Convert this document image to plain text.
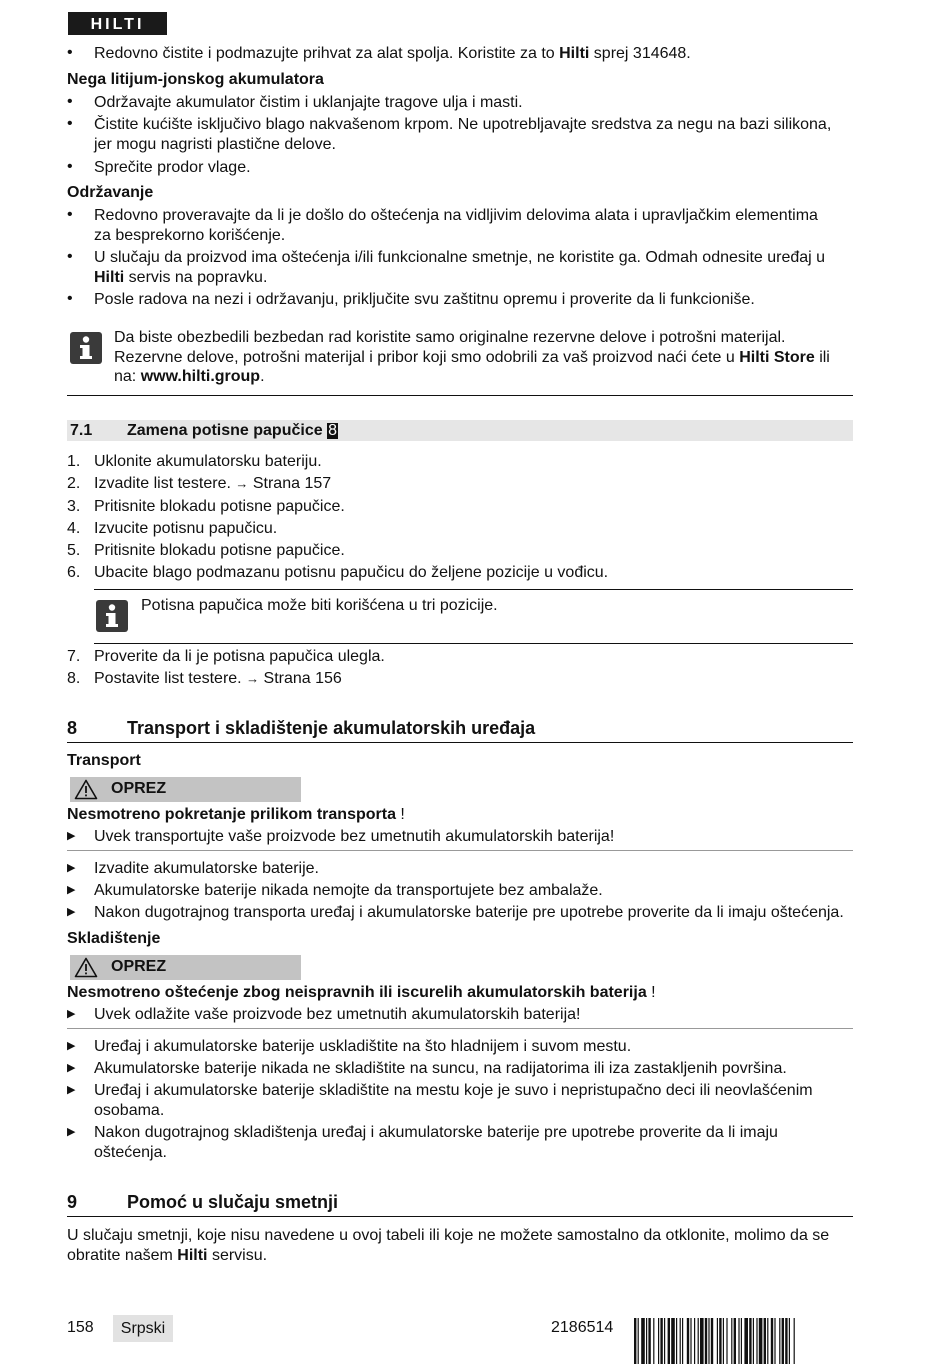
HILTI
•	Redovno čistite i podmazujte prihvat za alat spolja. Koristite za to Hilti sprej 314648.
Nega litijum-jonskog akumulatora
•	Održavajte akumulator čistim i uklanjajte tragove ulja i masti.
•	Čistite kućište isključivo blago nakvašenom krpom. Ne upotrebljavajte sredstva za negu na bazi silikona,
jer mogu nagristi plastične delove.
•	Sprečite prodor vlage.
Održavanje
•	Redovno proveravajte da li je došlo do oštećenja na vidljivim delovima alata i upravljačkim elementima
za besprekorno korišćenje.
•	U slučaju da proizvod ima oštećenja i/ili funkcionalne smetnje, ne koristite ga. Odmah odnesite uređaj u
Hilti servis na popravku.
•	Posle radova na nezi i održavanju, priključite svu zaštitnu opremu i proverite da li funkcioniše.
Da biste obezbedili bezbedan rad koristite samo originalne rezervne delove i potrošni materijal.
Rezervne delove, potrošni materijal i pribor koji smo odobrili za vaš proizvod naći ćete u Hilti Store ili
na: www.hilti.group.
7.1 Zamena potisne papučice 8
1. Uklonite akumulatorsku bateriju.
2. Izvadite list testere. → Strana 157
3. Pritisnite blokadu potisne papučice.
4. Izvucite potisnu papučicu.
5. Pritisnite blokadu potisne papučice.
6. Ubacite blago podmazanu potisnu papučicu do željene pozicije u vođicu.
Potisna papučica može biti korišćena u tri pozicije.
7. Proverite da li je potisna papučica ulegla.
8. Postavite list testere. → Strana 156
8	Transport i skladištenje akumulatorskih uređaja
Transport
OPREZ
Nesmotreno pokretanje prilikom transporta !
▶	Uvek transportujte vaše proizvode bez umetnutih akumulatorskih baterija!
▶	Izvadite akumulatorske baterije.
▶	Akumulatorske baterije nikada nemojte da transportujete bez ambalaže.
▶	Nakon dugotrajnog transporta uređaj i akumulatorske baterije pre upotrebe proverite da li imaju oštećenja.
Skladištenje
OPREZ
Nesmotreno oštećenje zbog neispravnih ili iscurelih akumulatorskih baterija !
▶	Uvek odlažite vaše proizvode bez umetnutih akumulatorskih baterija!
▶	Uređaj i akumulatorske baterije uskladištite na što hladnijem i suvom mestu.
▶	Akumulatorske baterije nikada ne skladištite na suncu, na radijatorima ili iza zastakljenih površina.
▶	Uređaj i akumulatorske baterije skladištite na mestu koje je suvo i nepristupačno deci ili neovlašćenim
osobama.
▶	Nakon dugotrajnog skladištenja uređaj i akumulatorske baterije pre upotrebe proverite da li imaju
oštećenja.
9	Pomoć u slučaju smetnji
U slučaju smetnji, koje nisu navedene u ovoj tabeli ili koje ne možete samostalno da otklonite, molimo da se
obratite našem Hilti servisu.
158	Srpski	2186514
